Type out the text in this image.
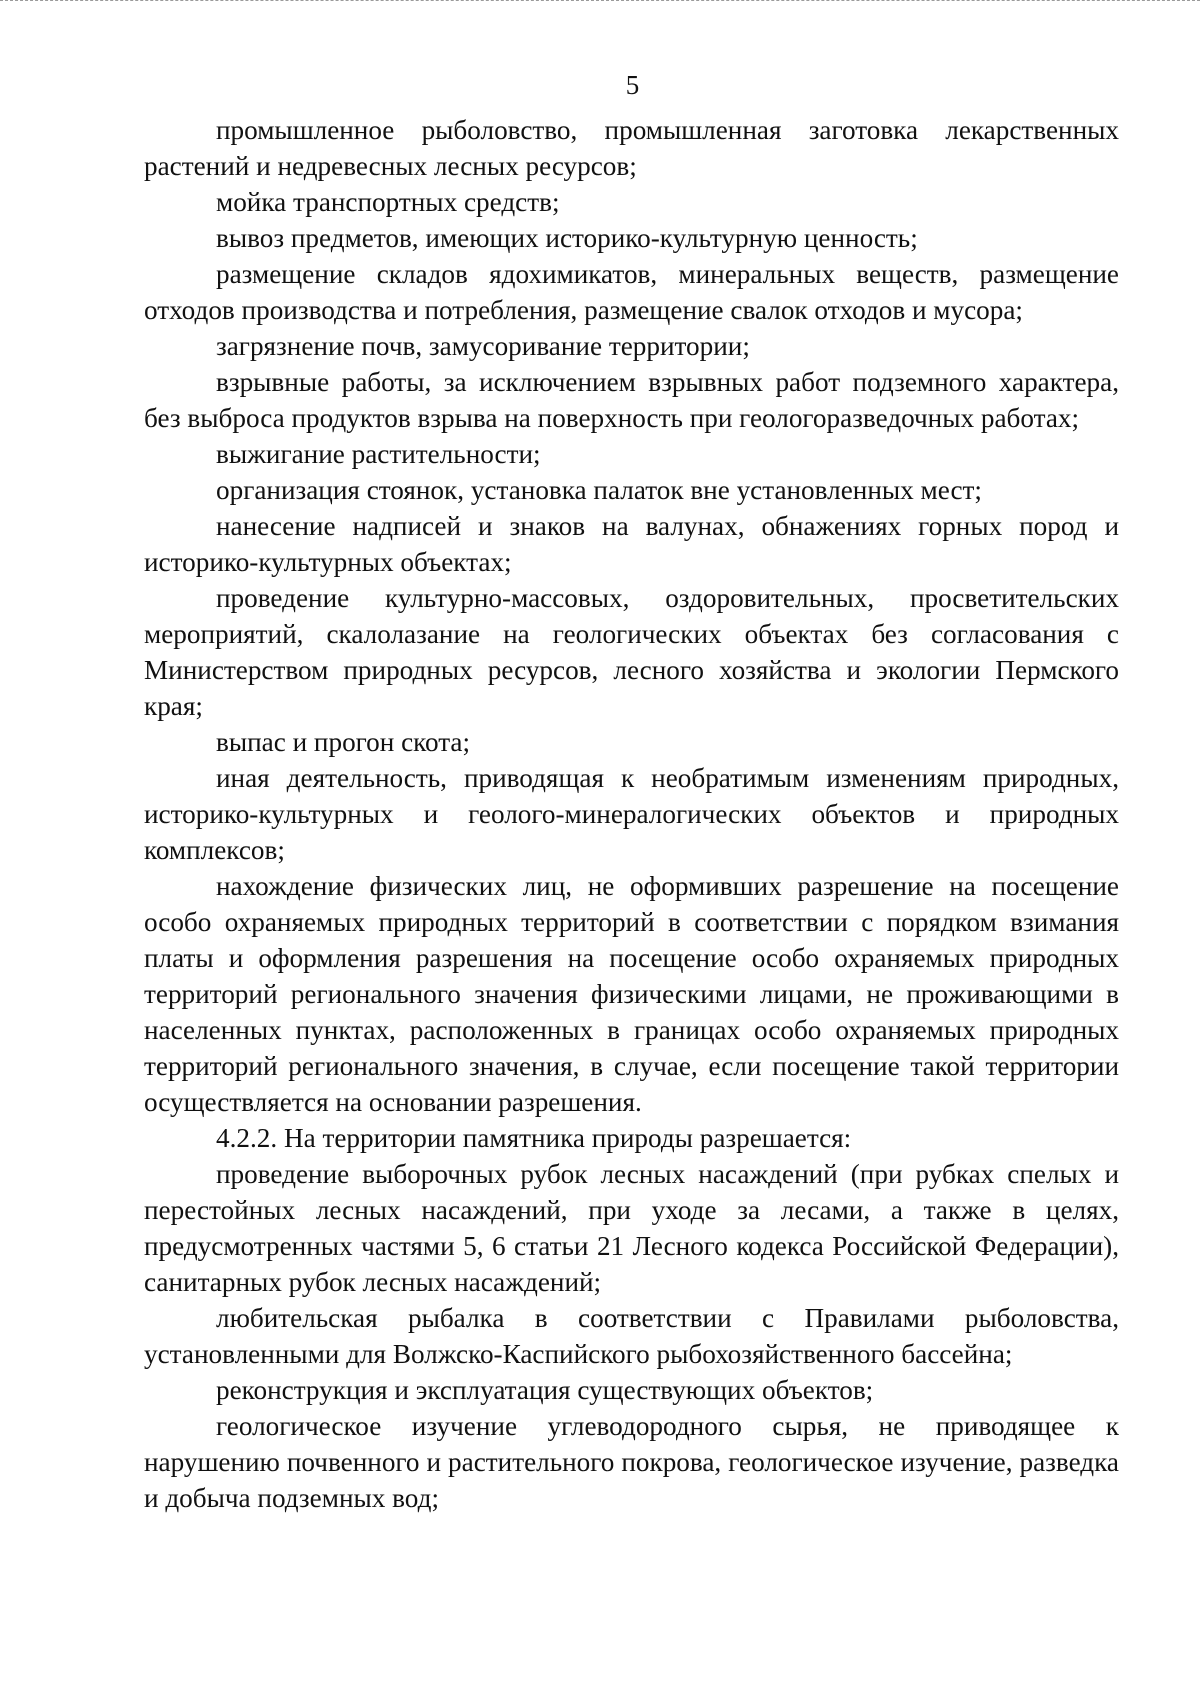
5

промышленное рыболовство, промышленная заготовка лекарственных растений и недревесных лесных ресурсов;

мойка транспортных средств;

вывоз предметов, имеющих историко-культурную ценность;

размещение складов ядохимикатов, минеральных веществ, размещение отходов производства и потребления, размещение свалок отходов и мусора;

загрязнение почв, замусоривание территории;

взрывные работы, за исключением взрывных работ подземного характера, без выброса продуктов взрыва на поверхность при геологоразведочных работах;

выжигание растительности;

организация стоянок, установка палаток вне установленных мест;

нанесение надписей и знаков на валунах, обнажениях горных пород и историко-культурных объектах;

проведение культурно-массовых, оздоровительных, просветительских мероприятий, скалолазание на геологических объектах без согласования с Министерством природных ресурсов, лесного хозяйства и экологии Пермского края;

выпас и прогон скота;

иная деятельность, приводящая к необратимым изменениям природных, историко-культурных и геолого-минералогических объектов и природных комплексов;

нахождение физических лиц, не оформивших разрешение на посещение особо охраняемых природных территорий в соответствии с порядком взимания платы и оформления разрешения на посещение особо охраняемых природных территорий регионального значения физическими лицами, не проживающими в населенных пунктах, расположенных в границах особо охраняемых природных территорий регионального значения, в случае, если посещение такой территории осуществляется на основании разрешения.

4.2.2. На территории памятника природы разрешается:

проведение выборочных рубок лесных насаждений (при рубках спелых и перестойных лесных насаждений, при уходе за лесами, а также в целях, предусмотренных частями 5, 6 статьи 21 Лесного кодекса Российской Федерации), санитарных рубок лесных насаждений;

любительская рыбалка в соответствии с Правилами рыболовства, установленными для Волжско-Каспийского рыбохозяйственного бассейна;

реконструкция и эксплуатация существующих объектов;

геологическое изучение углеводородного сырья, не приводящее к нарушению почвенного и растительного покрова, геологическое изучение, разведка и добыча подземных вод;
